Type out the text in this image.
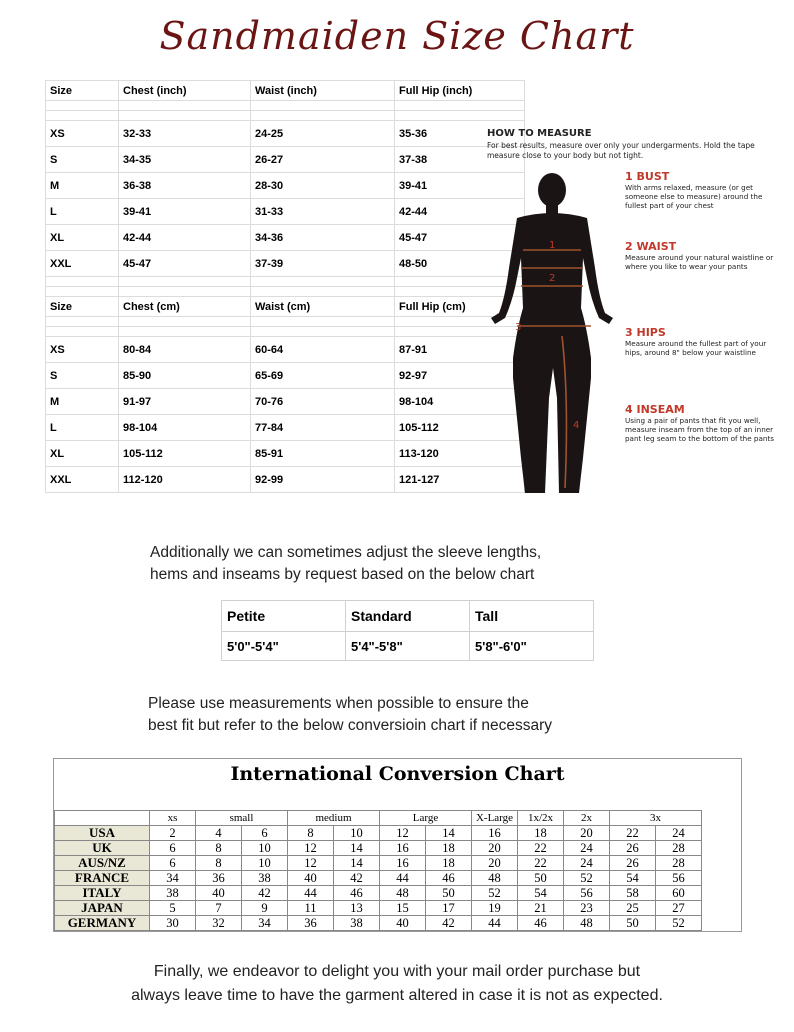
Sandmaiden Size Chart
Size	Chest (inch)	Waist (inch)	Full Hip (inch)

XS	32-33	24-25	35-36
S	34-35	26-27	37-38
M	36-38	28-30	39-41
L	39-41	31-33	42-44
XL	42-44	34-36	45-47
XXL	45-47	37-39	48-50

Size	Chest (cm)	Waist (cm)	Full Hip (cm)

XS	80-84	60-64	87-91
S	85-90	65-69	92-97
M	91-97	70-76	98-104
L	98-104	77-84	105-112
XL	105-112	85-91	113-120
XXL	112-120	92-99	121-127
HOW TO MEASURE
For best results, measure over only your undergarments. Hold the tape measure close to your body but not tight.
1
2
3
4
1 BUST
With arms relaxed, measure (or get someone else to measure) around the fullest part of your chest
2 WAIST
Measure around your natural waistline or where you like to wear your pants
3 HIPS
Measure around the fullest part of your hips, around 8" below your waistline
4 INSEAM
Using a pair of pants that fit you well, measure inseam from the top of an inner pant leg seam to the bottom of the pants
Additionally we can sometimes adjust the sleeve lengths,
hems and inseams by request based on the below chart
Petite	Standard	Tall
5'0"-5'4"	5'4"-5'8"	5'8"-6'0"
Please use measurements when possible to ensure the
best fit but refer to the below conversioin chart if necessary
International Conversion Chart
	xs	small		medium		Large		X-Large	1x/2x	2x	3x	
USA	2	4	6	8	10	12	14	16	18	20	22	24
UK	6	8	10	12	14	16	18	20	22	24	26	28
AUS/NZ	6	8	10	12	14	16	18	20	22	24	26	28
FRANCE	34	36	38	40	42	44	46	48	50	52	54	56
ITALY	38	40	42	44	46	48	50	52	54	56	58	60
JAPAN	5	7	9	11	13	15	17	19	21	23	25	27
GERMANY	30	32	34	36	38	40	42	44	46	48	50	52
Finally, we endeavor to delight you with your mail order purchase but
always leave time to have the garment altered in case it is not as expected.
